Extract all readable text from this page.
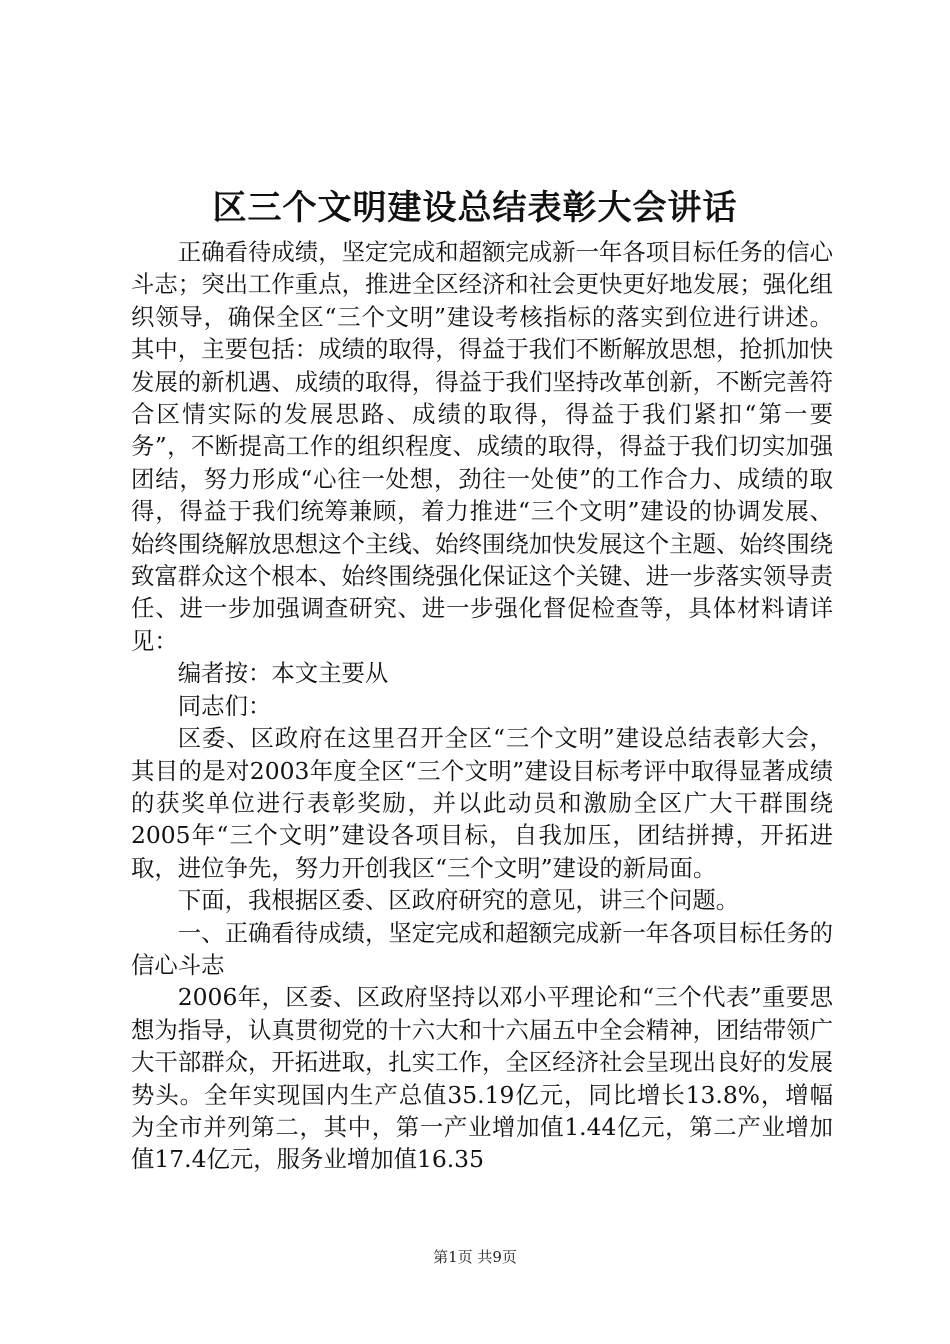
区三个文明建设总结表彰大会讲话

正确看待成绩，坚定完成和超额完成新一年各项目标任务的信心斗志；突出工作重点，推进全区经济和社会更快更好地发展；强化组织领导，确保全区“三个文明”建设考核指标的落实到位进行讲述。其中，主要包括：成绩的取得，得益于我们不断解放思想，抢抓加快发展的新机遇、成绩的取得，得益于我们坚持改革创新，不断完善符合区情实际的发展思路、成绩的取得，得益于我们紧扣“第一要务”，不断提高工作的组织程度、成绩的取得，得益于我们切实加强团结，努力形成“心往一处想，劲往一处使”的工作合力、成绩的取得，得益于我们统筹兼顾，着力推进“三个文明”建设的协调发展、始终围绕解放思想这个主线、始终围绕加快发展这个主题、始终围绕致富群众这个根本、始终围绕强化保证这个关键、进一步落实领导责任、进一步加强调查研究、进一步强化督促检查等，具体材料请详见：

编者按：本文主要从

同志们：

区委、区政府在这里召开全区“三个文明”建设总结表彰大会，其目的是对2003年度全区“三个文明”建设目标考评中取得显著成绩的获奖单位进行表彰奖励，并以此动员和激励全区广大干群围绕2005年“三个文明”建设各项目标，自我加压，团结拼搏，开拓进取，进位争先，努力开创我区“三个文明”建设的新局面。

下面，我根据区委、区政府研究的意见，讲三个问题。

一、正确看待成绩，坚定完成和超额完成新一年各项目标任务的信心斗志

2006年，区委、区政府坚持以邓小平理论和“三个代表”重要思想为指导，认真贯彻党的十六大和十六届五中全会精神，团结带领广大干部群众，开拓进取，扎实工作，全区经济社会呈现出良好的发展势头。全年实现国内生产总值35.19亿元，同比增长13.8%，增幅为全市并列第二，其中，第一产业增加值1.44亿元，第二产业增加值17.4亿元，服务业增加值16.35

第1页 共9页
